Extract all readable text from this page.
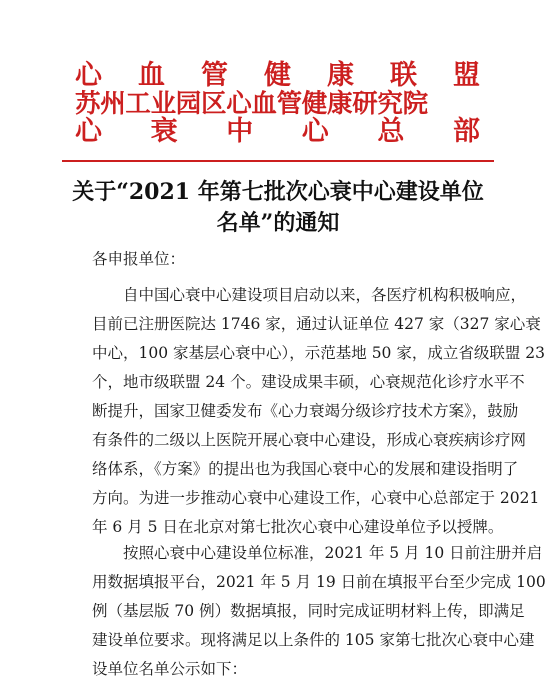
心 血 管 健 康 联 盟
苏州工业园区心血管健康研究院
心 衰 中 心 总 部
关于“2021 年第七批次心衰中心建设单位
名单”的通知
各申报单位：
自中国心衰中心建设项目启动以来，各医疗机构积极响应，
目前已注册医院达 1746 家，通过认证单位 427 家（327 家心衰
中心，100 家基层心衰中心），示范基地 50 家，成立省级联盟 23
个，地市级联盟 24 个。建设成果丰硕，心衰规范化诊疗水平不
断提升，国家卫健委发布《心力衰竭分级诊疗技术方案》，鼓励
有条件的二级以上医院开展心衰中心建设，形成心衰疾病诊疗网
络体系，《方案》的提出也为我国心衰中心的发展和建设指明了
方向。为进一步推动心衰中心建设工作，心衰中心总部定于 2021
年 6 月 5 日在北京对第七批次心衰中心建设单位予以授牌。
按照心衰中心建设单位标准，2021 年 5 月 10 日前注册并启
用数据填报平台，2021 年 5 月 19 日前在填报平台至少完成 100
例（基层版 70 例）数据填报，同时完成证明材料上传，即满足
建设单位要求。现将满足以上条件的 105 家第七批次心衰中心建
设单位名单公示如下：
